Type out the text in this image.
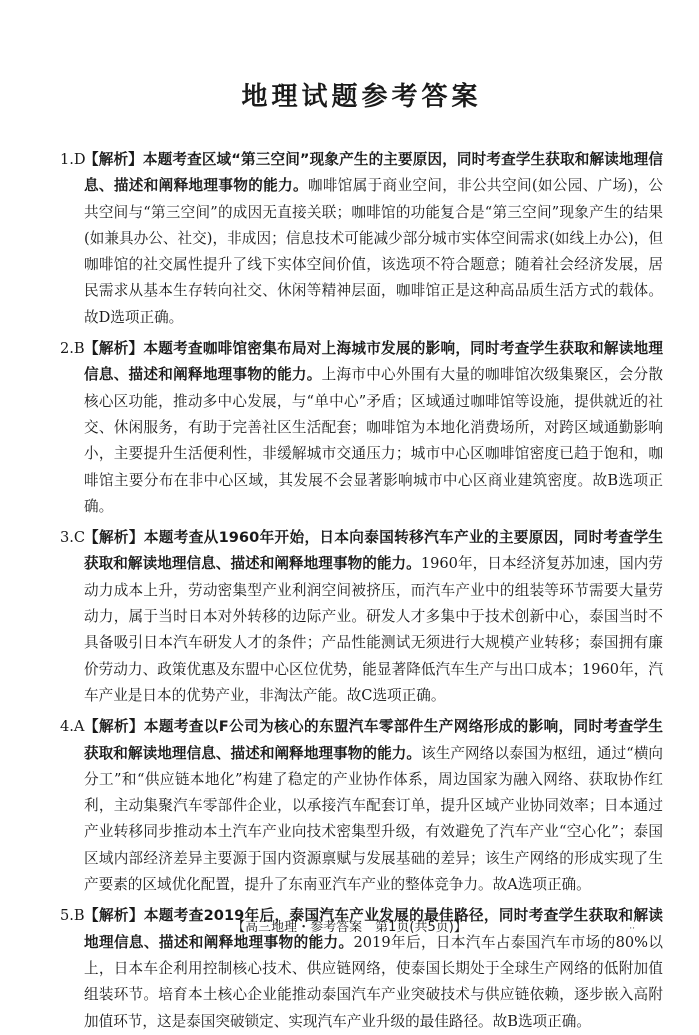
地理试题参考答案
1.D
【解析】本题考查区域“第三空间”现象产生的主要原因，同时考查学生获取和解读地理信息、描述和阐释地理事物的能力。咖啡馆属于商业空间，非公共空间(如公园、广场)，公共空间与“第三空间”的成因无直接关联；咖啡馆的功能复合是“第三空间”现象产生的结果(如兼具办公、社交)，非成因；信息技术可能减少部分城市实体空间需求(如线上办公)，但咖啡馆的社交属性提升了线下实体空间价值，该选项不符合题意；随着社会经济发展，居民需求从基本生存转向社交、休闲等精神层面，咖啡馆正是这种高品质生活方式的载体。故D选项正确。
2.B 【解析】本题考查咖啡馆密集布局对上海城市发展的影响，同时考查学生获取和解读地理信息、描述和阐释地理事物的能力。上海市中心外围有大量的咖啡馆次级集聚区，会分散核心区功能，推动多中心发展，与“单中心”矛盾；区域通过咖啡馆等设施，提供就近的社交、休闲服务，有助于完善社区生活配套；咖啡馆为本地化消费场所，对跨区域通勤影响小，主要提升生活便利性，非缓解城市交通压力；城市中心区咖啡馆密度已趋于饱和，咖啡馆主要分布在非中心区域，其发展不会显著影响城市中心区商业建筑密度。故B选项正确。
3.C
【解析】本题考查从1960年开始，日本向泰国转移汽车产业的主要原因，同时考查学生获取和解读地理信息、描述和阐释地理事物的能力。1960年，日本经济复苏加速，国内劳动力成本上升，劳动密集型产业利润空间被挤压，而汽车产业中的组装等环节需要大量劳动力，属于当时日本对外转移的边际产业。研发人才多集中于技术创新中心，泰国当时不具备吸引日本汽车研发人才的条件；产品性能测试无须进行大规模产业转移；泰国拥有廉价劳动力、政策优惠及东盟中心区位优势，能显著降低汽车生产与出口成本；1960年，汽车产业是日本的优势产业，非淘汰产能。故C选项正确。
4.A 【解析】本题考查以F公司为核心的东盟汽车零部件生产网络形成的影响，同时考查学生获取和解读地理信息、描述和阐释地理事物的能力。该生产网络以泰国为枢纽，通过“横向分工”和“供应链本地化”构建了稳定的产业协作体系，周边国家为融入网络、获取协作红利，主动集聚汽车零部件企业，以承接汽车配套订单，提升区域产业协同效率；日本通过产业转移同步推动本土汽车产业向技术密集型升级，有效避免了汽车产业“空心化”；泰国区域内部经济差异主要源于国内资源禀赋与发展基础的差异；该生产网络的形成实现了生产要素的区域优化配置，提升了东南亚汽车产业的整体竞争力。故A选项正确。
5.B 【解析】本题考查2019年后，泰国汽车产业发展的最佳路径，同时考查学生获取和解读地理信息、描述和阐释地理事物的能力。2019年后，日本汽车占泰国汽车市场的80%以上，日本车企利用控制核心技术、供应链网络，使泰国长期处于全球生产网络的低附加值组装环节。培育本土核心企业能推动泰国汽车产业突破技术与供应链依赖，逐步嵌入高附加值环节，这是泰国突破锁定、实现汽车产业升级的最佳路径。故B选项正确。
【高三地理・参考答案　第1页(共5页)】	··
